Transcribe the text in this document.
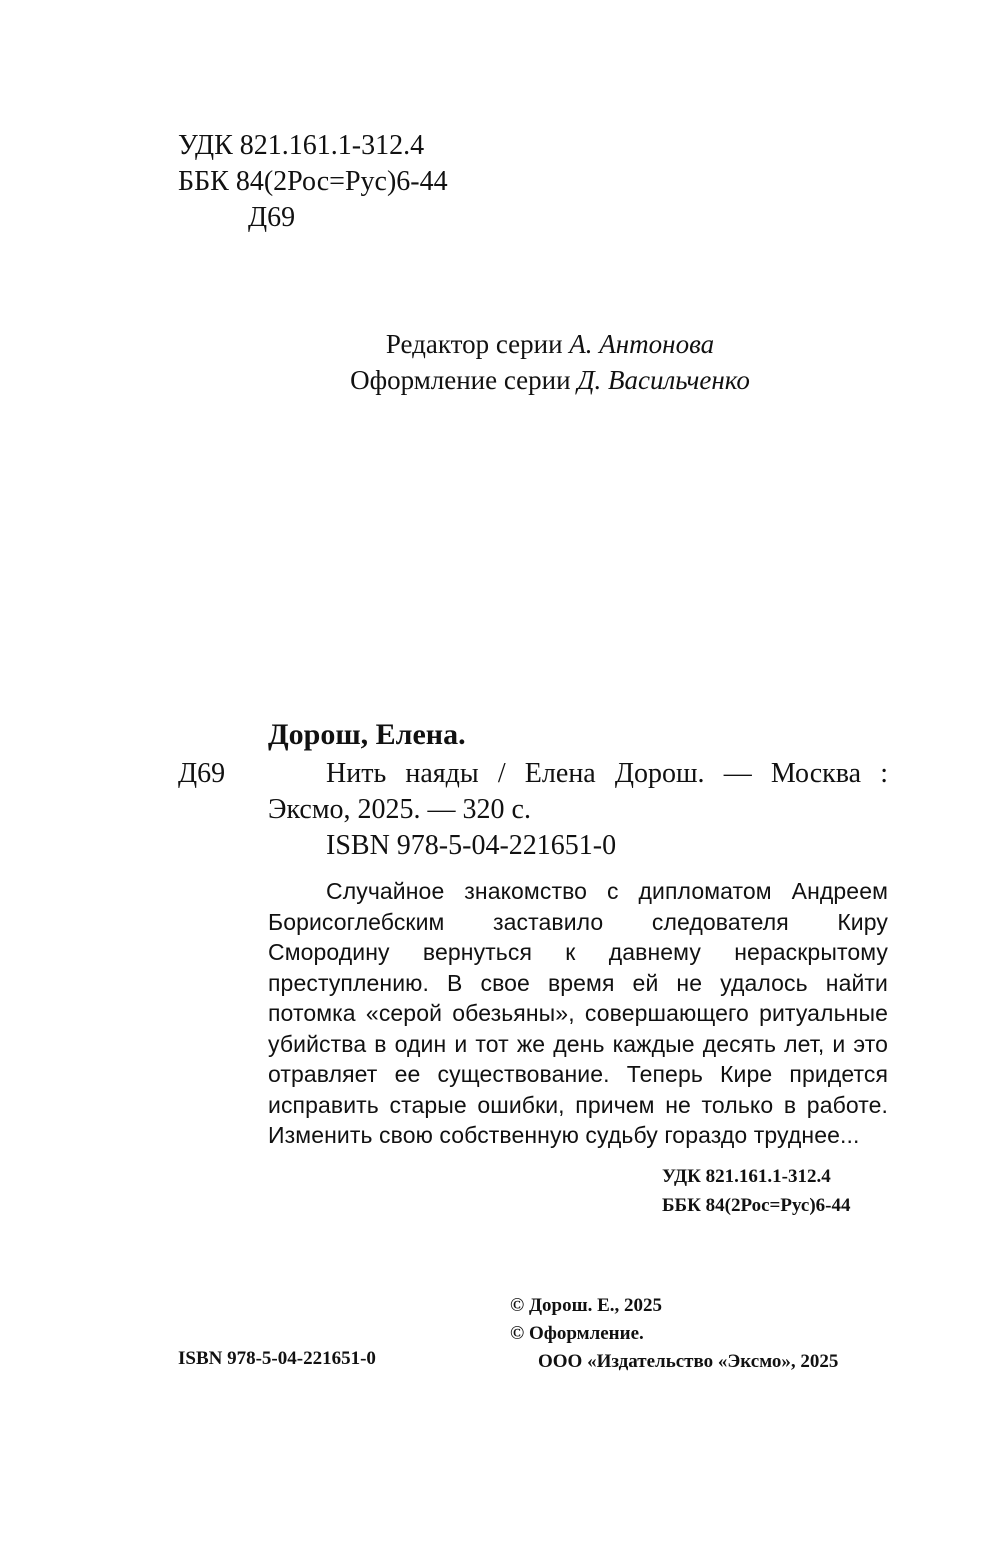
УДК 821.161.1-312.4
ББК 84(2Рос=Рус)6-44
Д69
Редактор серии А. Антонова
Оформление серии Д. Васильченко
Дорош, Елена.
Д69	Нить наяды / Елена Дорош. — Москва : Эксмо, 2025. — 320 с.
ISBN 978-5-04-221651-0
Случайное знакомство с дипломатом Андреем Борисоглебским заставило следователя Киру Смородину вернуться к давнему нераскрытому преступлению. В свое время ей не удалось найти потомка «серой обезьяны», совершающего ритуальные убийства в один и тот же день каждые десять лет, и это отравляет ее существование. Теперь Кире придется исправить старые ошибки, причем не только в работе. Изменить свою собственную судьбу гораздо труднее...
УДК 821.161.1-312.4
ББК 84(2Рос=Рус)6-44
© Дорош. Е., 2025
© Оформление.
ООО «Издательство «Эксмо», 2025
ISBN 978-5-04-221651-0
